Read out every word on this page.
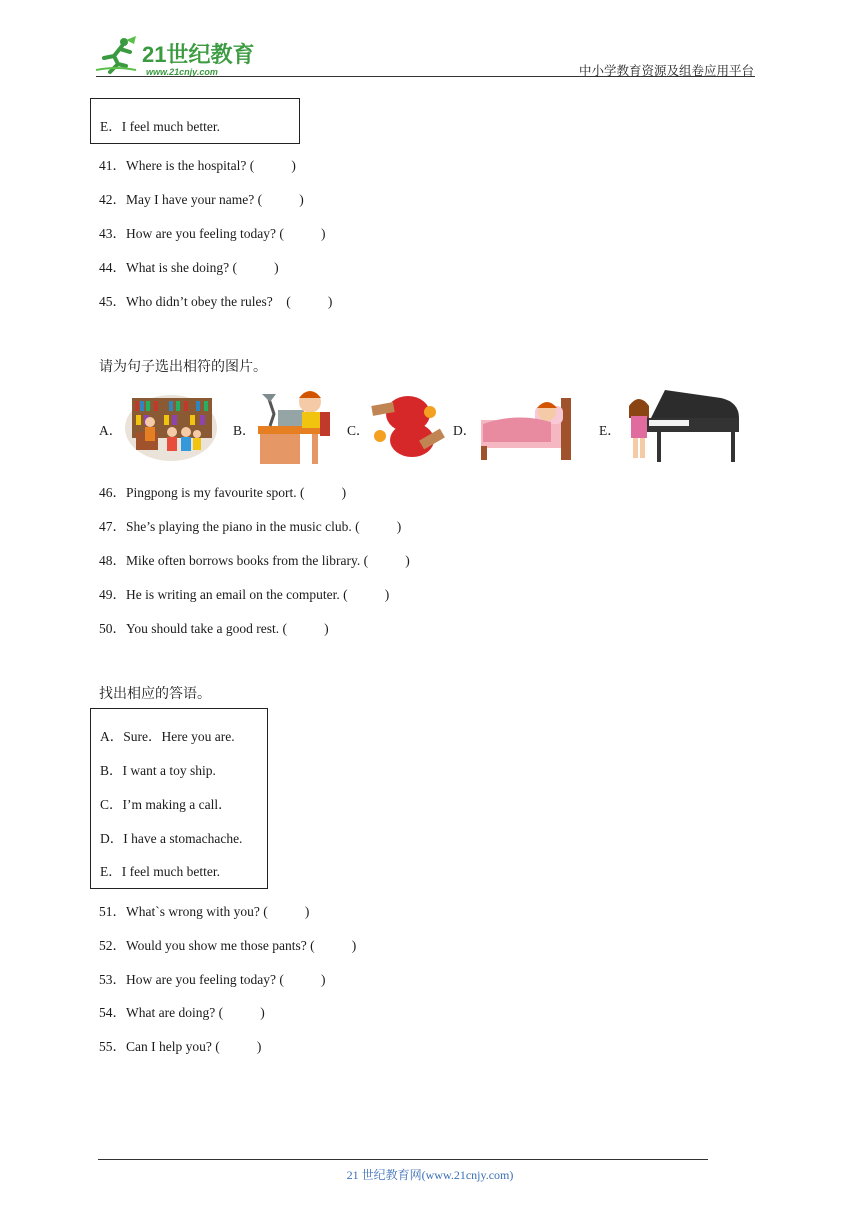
21世纪教育
www.21cnjy.com	中小学教育资源及组卷应用平台
E．I feel much better.
41．Where is the hospital? (           )
42．May I have your name? (           )
43．How are you feeling today? (           )
44．What is she doing? (           )
45．Who didn’t obey the rules?    (           )
请为句子选出相符的图片。
A．	B．	C．	D．	E．
46．Pingpong is my favourite sport. (           )
47．She’s playing the piano in the music club. (           )
48．Mike often borrows books from the library. (           )
49．He is writing an email on the computer. (           )
50．You should take a good rest. (           )
找出相应的答语。
A．Sure．Here you are.
B．I want a toy ship.
C．I’m making a call．
D．I have a stomachache.
E．I feel much better.
51．What`s wrong with you? (           )
52．Would you show me those pants? (           )
53．How are you feeling today? (           )
54．What are doing? (           )
55．Can I help you? (           )
21 世纪教育网(www.21cnjy.com)
